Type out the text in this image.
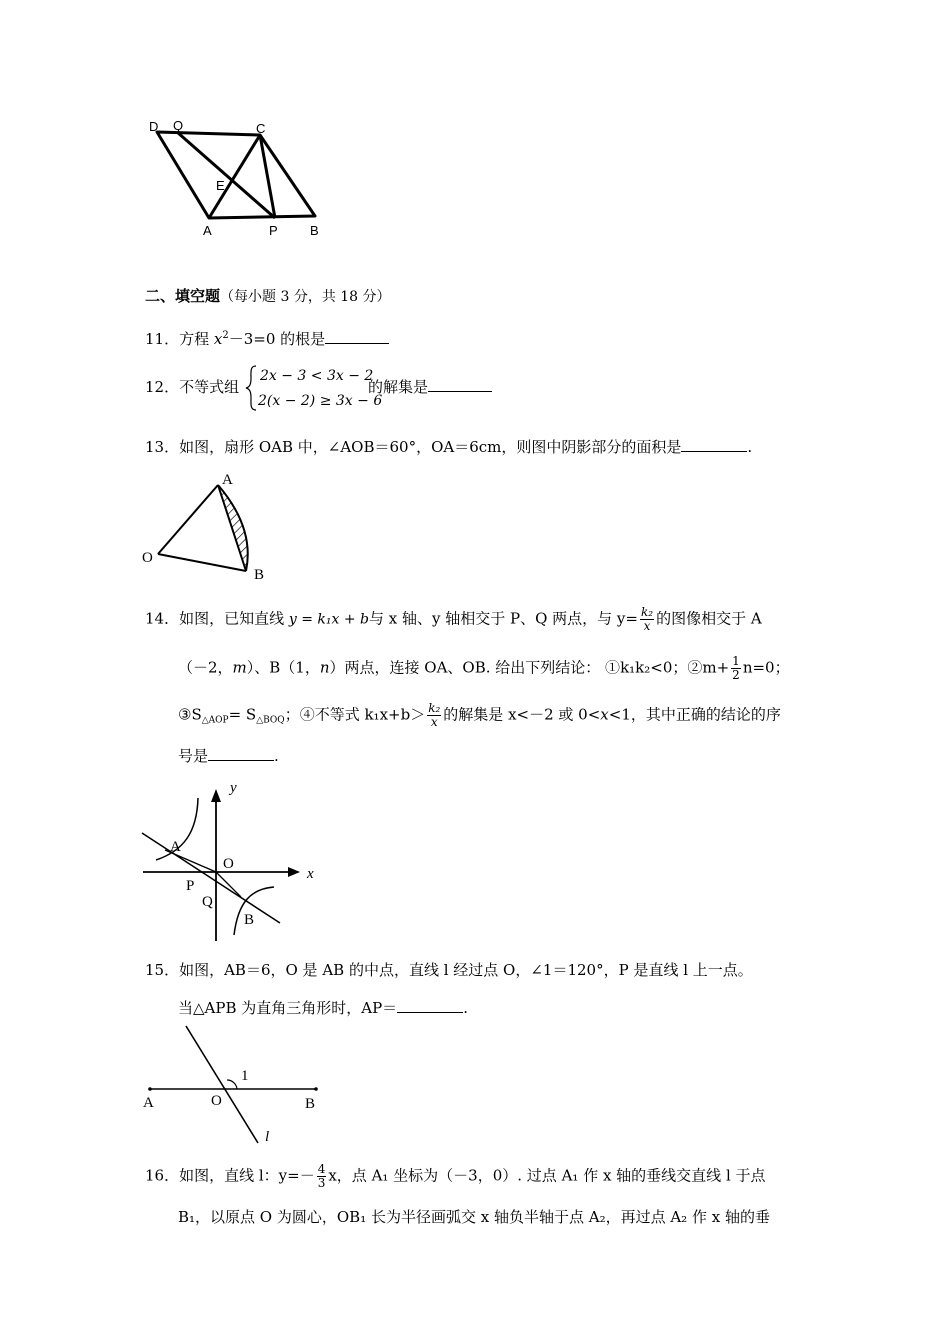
D Q	C
E
A	P B
二、填空题（每小题 3 分，共 18 分）
11．方程 $x^2-3=0$ 的根是
12．不等式组
2x − 3 < 3x − 2
2(x − 2) ≥ 3x − 6
的解集是
13．如图，扇形 OAB 中，∠AOB＝60°，OA＝6cm，则图中阴影部分的面积是	.
A
O
B
14．如图，已知直线 y = k₁x + b与 x 轴、y 轴相交于 P、Q 两点，与 $y= \frac{\text{k₂}}{x}$ 的图像相交于 A
（－2，m）、B（1，n）两点，连接 OA、OB. 给出下列结论： ①k₁k₂<0；②m+ $\frac{1}{2} n=0$；
$③S_{\triangle AOP}= S_{\triangle BOQ}$；④不等式 $k_1x+b> \frac{\text{k₂}}{x}$ 的解集是 x<－2 或 0<x<1，其中正确的结论的序
号是	.
y
A
O
x
P
Q
B
15．如图，AB＝6，O 是 AB 的中点，直线 l 经过点 O，∠1＝120°，P 是直线 l 上一点。
当△APB 为直角三角形时，AP＝	.
1
A	O	B
l
16．如图，直线 l：$y=- \frac{4}{3}$ x，点 A₁ 坐标为（－3，0）. 过点 A₁ 作 x 轴的垂线交直线 l 于点
B₁，以原点 O 为圆心，OB₁ 长为半径画弧交 x 轴负半轴于点 A₂，再过点 A₂ 作 x 轴的垂
